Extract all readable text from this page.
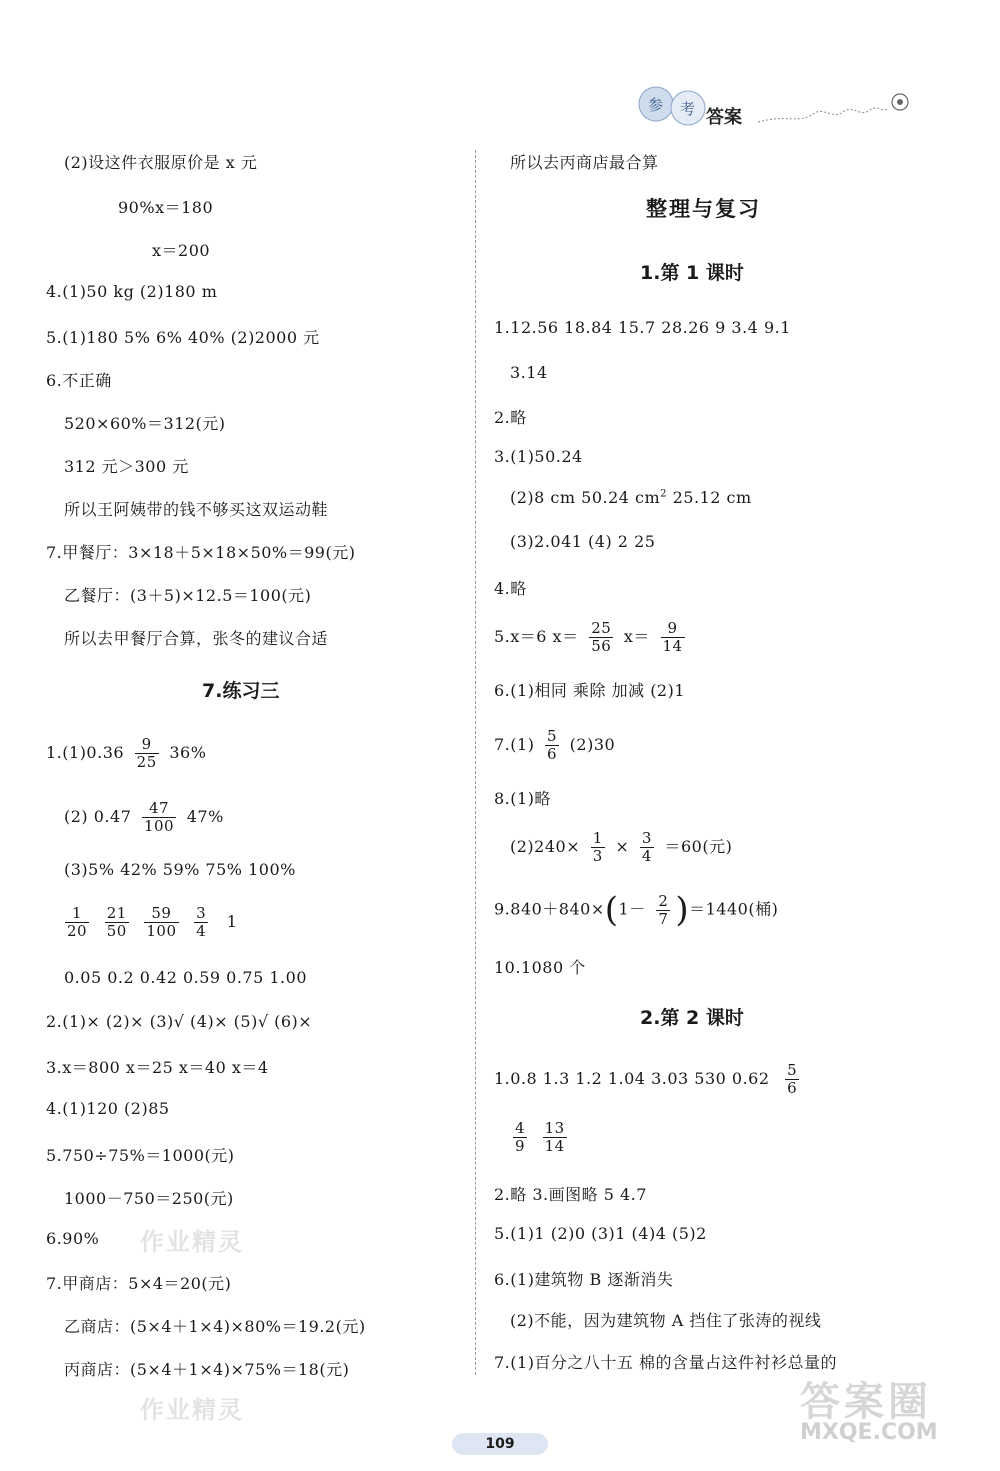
参 考 答案
(2)设这件衣服原价是 x 元
90%x＝180
x＝200
4.(1)50 kg (2)180 m
5.(1)180 5% 6% 40% (2)2000 元
6.不正确
520×60%＝312(元)
312 元＞300 元
所以王阿姨带的钱不够买这双运动鞋
7.甲餐厅：3×18＋5×18×50%＝99(元)
乙餐厅：(3＋5)×12.5＝100(元)
所以去甲餐厅合算，张冬的建议合适
7.练习三
$1.(1)0.36 \frac{9}{25} 36\%$
(2) $0.47 \frac{47}{100} 47\%$
(3)5% 42% 59% 75% 100%
$\frac{1}{20}$
$\frac{21}{50}$
$\frac{59}{100}$
$\frac{3}{4} 1$
0.05 0.2 0.42 0.59 0.75 1.00
2.(1)× (2)× (3)√ (4)× (5)√ (6)×
3.x＝800 x＝25 x＝40 x＝4
4.(1)120 (2)85
5.750÷75%＝1000(元)
1000－750＝250(元)
6.90% 作业精灵
7.甲商店：5×4＝20(元)
乙商店：(5×4＋1×4)×80%＝19.2(元)
丙商店：(5×4＋1×4)×75%＝18(元)
作业精灵
所以去丙商店最合算
整理与复习
1.第 1 课时
1.12.56 18.84 15.7 28.26 9 3.4 9.1
3.14
2.略
3.(1)50.24
(2)8 cm 50.24 $cm^2$ 25.12 cm
(3)2.041 (4) 2 25
4.略
5.x＝6 $x= \frac{25}{56} x= \frac{9}{14}$
6.(1)相同 乘除 加减 (2)1
$7.(1) \frac{5}{6} (2)30$
8.(1)略
$(2)240\times \frac{1}{3} \times \frac{3}{4} =60$(元)
$9.840+840\times(1- \frac{2}{7} )=1440$(桶)
10.1080 个
2.第 2 课时
1.0.8 1.3 1.2 1.04 3.03 530 $0.62 \frac{5}{6}$
$\frac{4}{9}$
$\frac{13}{14}$
2.略 3.画图略 5 4.7
5.(1)1 (2)0 (3)1 (4)4 (5)2
6.(1)建筑物 B 逐渐消失
(2)不能，因为建筑物 A 挡住了张涛的视线
7.(1)百分之八十五 棉的含量占这件衬衫总量的
109
答案圈
MXQE.COM
